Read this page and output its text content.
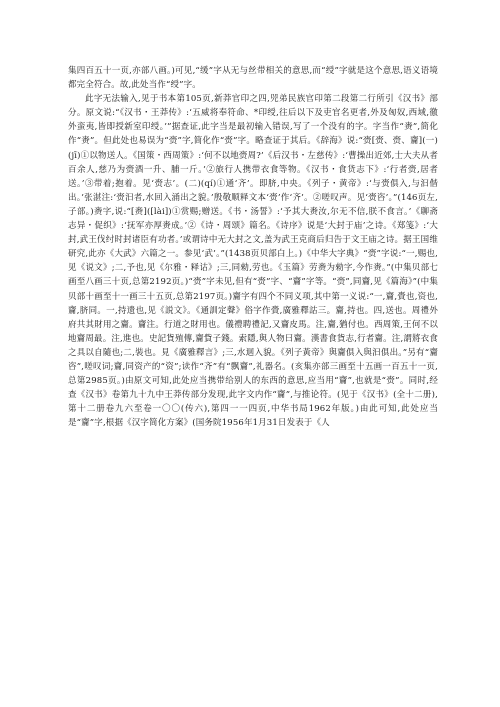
集四百五十一页,亦部八画。)可见,“缓”字从无与丝带相关的意思,而“绶”字就是这个意思,语义语境都完全符合。故,此处当作“绶”字。

此字无法输入,见于书本第105页,新莽官印之四,兕弟民族官印第二段第二行所引《汉书》部分。原文说:“《汉书・王莽传》:‘五威将奉符命、*印绶,往后以下及吏官名更者,外及匈奴,西域,徼外蛮夷,皆即授新室印绶。’”据查证,此字当是最初输入错误,写了一个没有的字。字当作“赉”,简化作“赉”。但此处也易误为“赍”字,简化作“赍”字。略查证于其后。《辞海》说:“赍[赍、赍、齎](一)(jī)①以物送人。《国策・西周策》:‘何不以地赍周?’《后汉书・左慈传》:‘曹操出近郊,士大夫从者百余人,慈乃为赍酒一升、脯一斤。’②旅行人携带衣食等物。《汉书・食货志下》:‘行者赍,居者送。’③带着;抱着。见‘赍志’。(二)(qí)①通‘齐’。即脐,中央。《列子・黄帝》:‘与赍俱入,与汩偕出。’张湛注:‘赍汩者,水回入涌出之貌。’殷敬顺释文本‘赍’作‘齐’。②嗟叹声。见‘赍咨’。”(146页左,子部。)赉字,说:“[赉]([lài])①赏赐;赠送。《书・汤誓》:‘予其大赉汝,尔无不信,朕不食言。’《聊斋志异・促织》:‘抚军亦厚赉成。’②《诗・周颂》篇名。《诗序》说是‘大封于庙’之诗。《郑笺》:‘大封,武王伐纣时封诸臣有功者。’或谓诗中无大封之文,盖为武王克商后归告于文王庙之诗。据王国维研究,此亦《大武》六篇之一。参见‘武’。”(1438页贝部白上。)《中华大字典》“赍”字说:“一,赐也,见《说文》;二,予也,见《尔雅・释诂》;三,同勑,劳也。《玉篇》劳赉为勑字,今作赉。”(中集贝部七画至八画三十页,总第2192页。)“赍”字未见,但有“赍”字、“齎”字等。“赍”,同齎,见《篇海》”(中集贝部十画至十一画三十五页,总第2197页。)齎字有四个不同义项,其中第一义说:“一,齎,賫也,资也,齎,脐同。一,持遗也,见《説文》。《通訓定聲》俗字作賫,廣雅釋詁三。齎,持也。四,送也。周禮外府共其財用之齎。齎注。行道之財用也。儀禮聘禮記,又齎皮馬。注,齎,猶付也。西周策,王何不以地齎周最。注,進也。史記貨殖傳,齎貲子錢。索隱,與人物曰齎。漢書食貨志,行者齎。注,謂將衣食之具以自隨也;二,裝也。見《廣雅釋言》;三,水迴入貌。《列子黃帝》與齎俱入與汩俱出。”另有“齎咨”,嗟叹词;齎,同资产的“资”;读作“齐”有“飘齎”,礼器名。(亥集亦部三画至十五画一百五十一页,总第2985页。)由原文可知,此处应当携带给别人的东西的意思,应当用“齎”,也就是“赍”。同时,经查《汉书》卷第九十九中王莽传部分发现,此字文内作“齎”,与推论符。(见于《汉书》(全十二册),第十二册卷九六至卷一〇〇(传六),第四一一四页,中华书局1962年版。)由此可知,此处应当是“齎”字,根据《汉字简化方案》(国务院1956年1月31日发表于《人
